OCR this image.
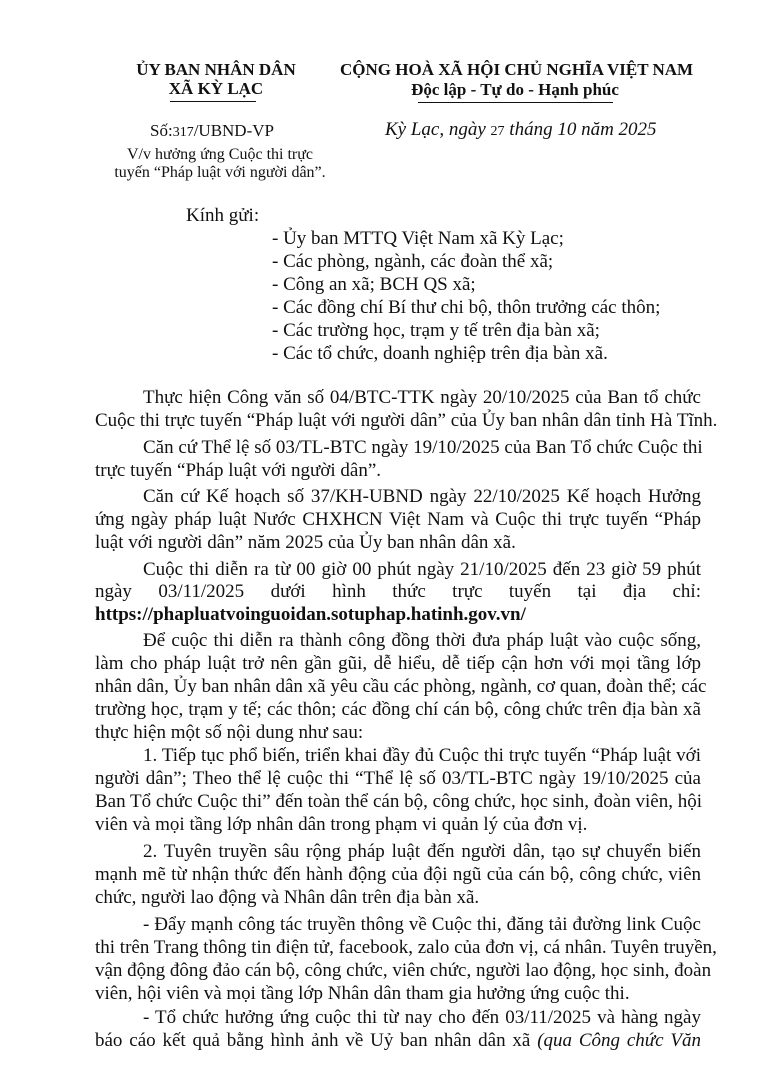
ỦY BAN NHÂN DÂN
XÃ KỲ LẠC
Số:317/UBND-VP
V/v hưởng ứng Cuộc thi trực
tuyến “Pháp luật với người dân”.
CỘNG HOÀ XÃ HỘI CHỦ NGHĨA VIỆT NAM
Độc lập - Tự do - Hạnh phúc
Kỳ Lạc, ngày 27 tháng 10 năm 2025
Kính gửi:
- Ủy ban MTTQ Việt Nam xã Kỳ Lạc;
- Các phòng, ngành, các đoàn thể xã;
- Công an xã; BCH QS xã;
- Các đồng chí Bí thư chi bộ, thôn trưởng các thôn;
- Các trường học, trạm y tế trên địa bàn xã;
- Các tổ chức, doanh nghiệp trên địa bàn xã.
Thực hiện Công văn số 04/BTC-TTK ngày 20/10/2025 của Ban tổ chức
Cuộc thi trực tuyến “Pháp luật với người dân” của Ủy ban nhân dân tỉnh Hà Tĩnh.
Căn cứ Thể lệ số 03/TL-BTC ngày 19/10/2025 của Ban Tổ chức Cuộc thi
trực tuyến “Pháp luật với người dân”.
Căn cứ Kế hoạch số 37/KH-UBND ngày 22/10/2025 Kế hoạch Hưởng
ứng ngày pháp luật Nước CHXHCN Việt Nam và Cuộc thi trực tuyến “Pháp
luật với người dân” năm 2025 của Ủy ban nhân dân xã.
Cuộc thi diễn ra từ 00 giờ 00 phút ngày 21/10/2025 đến 23 giờ 59 phút
ngày 03/11/2025 dưới hình thức trực tuyến tại địa chỉ:
https://phapluatvoinguoidan.sotuphap.hatinh.gov.vn/
Để cuộc thi diễn ra thành công đồng thời đưa pháp luật vào cuộc sống,
làm cho pháp luật trở nên gần gũi, dễ hiểu, dễ tiếp cận hơn với mọi tầng lớp
nhân dân, Ủy ban nhân dân xã yêu cầu các phòng, ngành, cơ quan, đoàn thể; các
trường học, trạm y tế; các thôn; các đồng chí cán bộ, công chức trên địa bàn xã
thực hiện một số nội dung như sau:
1. Tiếp tục phổ biến, triển khai đầy đủ Cuộc thi trực tuyến “Pháp luật với
người dân”; Theo thể lệ cuộc thi “Thể lệ số 03/TL-BTC ngày 19/10/2025 của
Ban Tổ chức Cuộc thi” đến toàn thể cán bộ, công chức, học sinh, đoàn viên, hội
viên và mọi tầng lớp nhân dân trong phạm vi quản lý của đơn vị.
2. Tuyên truyền sâu rộng pháp luật đến người dân, tạo sự chuyển biến
mạnh mẽ từ nhận thức đến hành động của đội ngũ của cán bộ, công chức, viên
chức, người lao động và Nhân dân trên địa bàn xã.
- Đẩy mạnh công tác truyền thông về Cuộc thi, đăng tải đường link Cuộc
thi trên Trang thông tin điện tử, facebook, zalo của đơn vị, cá nhân. Tuyên truyền,
vận động đông đảo cán bộ, công chức, viên chức, người lao động, học sinh, đoàn
viên, hội viên và mọi tầng lớp Nhân dân tham gia hưởng ứng cuộc thi.
- Tổ chức hưởng ứng cuộc thi từ nay cho đến 03/11/2025 và hàng ngày
báo cáo kết quả bằng hình ảnh về Uỷ ban nhân dân xã (qua Công chức Văn
